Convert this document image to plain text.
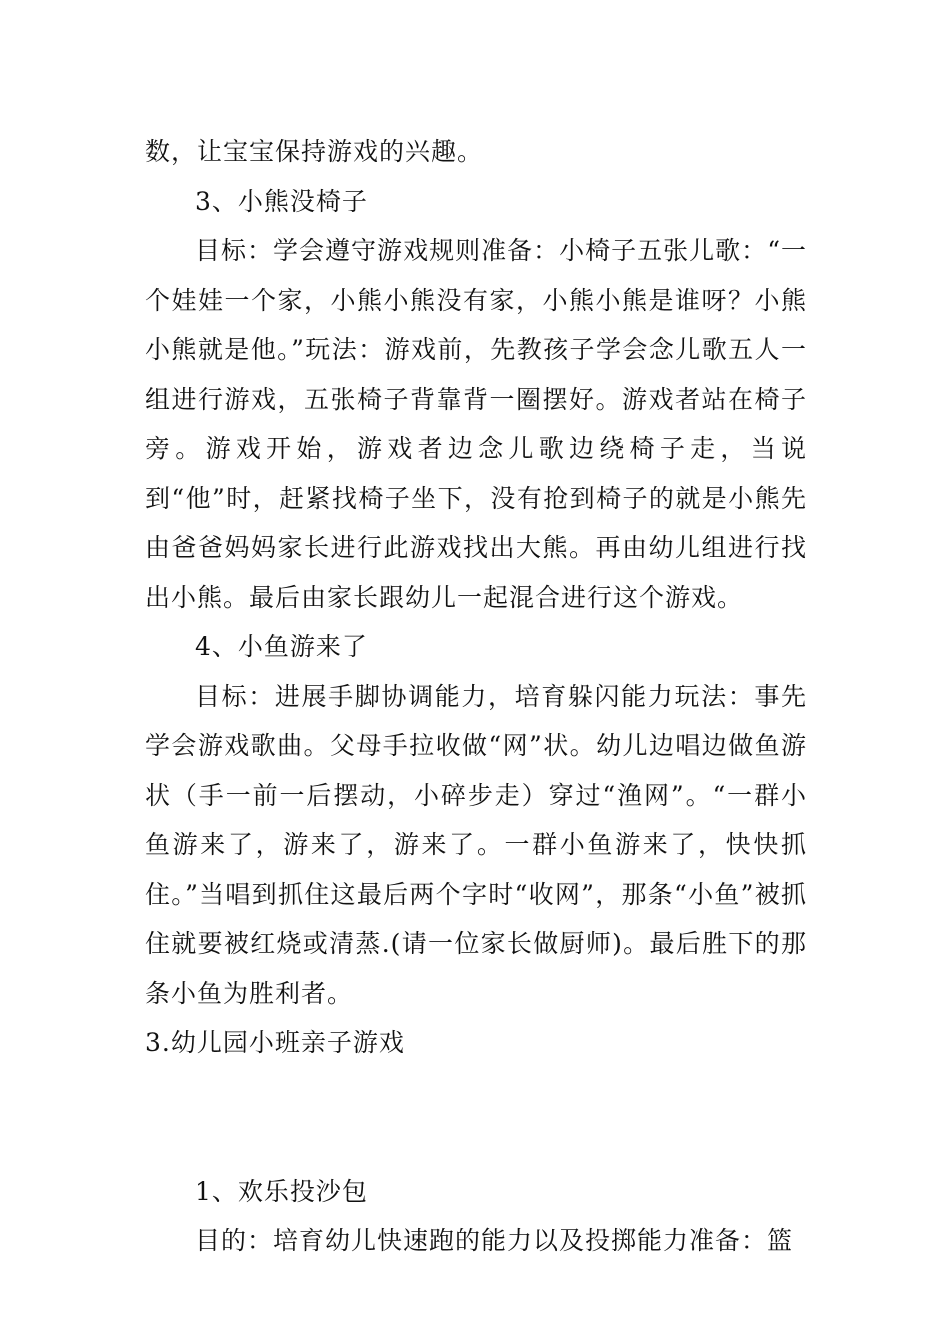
数，让宝宝保持游戏的兴趣。

3、小熊没椅子

目标：学会遵守游戏规则准备：小椅子五张儿歌：“一个娃娃一个家，小熊小熊没有家，小熊小熊是谁呀？小熊小熊就是他。”玩法：游戏前，先教孩子学会念儿歌五人一组进行游戏，五张椅子背靠背一圈摆好。游戏者站在椅子旁。游戏开始，游戏者边念儿歌边绕椅子走，当说到“他”时，赶紧找椅子坐下，没有抢到椅子的就是小熊先由爸爸妈妈家长进行此游戏找出大熊。再由幼儿组进行找出小熊。最后由家长跟幼儿一起混合进行这个游戏。

4、小鱼游来了

目标：进展手脚协调能力，培育躲闪能力玩法：事先学会游戏歌曲。父母手拉收做“网”状。幼儿边唱边做鱼游状（手一前一后摆动，小碎步走）穿过“渔网”。“一群小鱼游来了，游来了，游来了。一群小鱼游来了，快快抓住。”当唱到抓住这最后两个字时“收网”，那条“小鱼”被抓住就要被红烧或清蒸.(请一位家长做厨师)。最后胜下的那条小鱼为胜利者。

3.幼儿园小班亲子游戏

1、欢乐投沙包

目的：培育幼儿快速跑的能力以及投掷能力准备：篮
